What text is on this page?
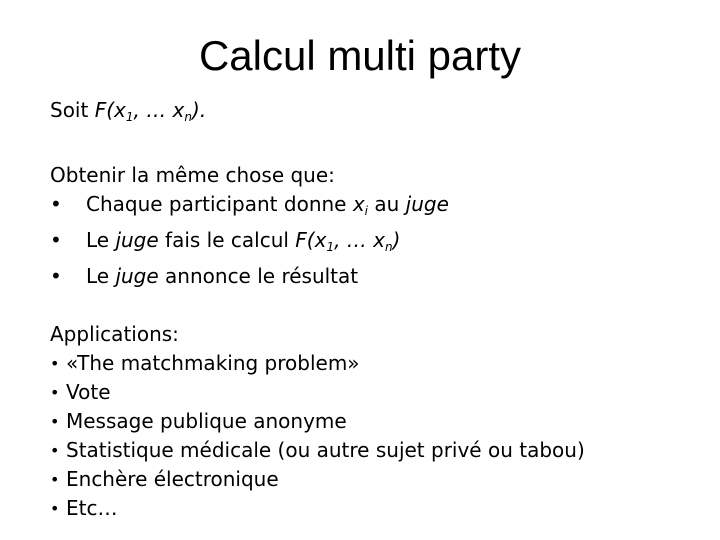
Calcul multi party
Soit $F(x_1$, … $x_n$).
Obtenir la même chose que:
•	Chaque participant donne $x_i$ au juge
•	Le juge fais le calcul $F(x_1$, … $x_n$)
•	Le juge annonce le résultat
Applications:
• «The matchmaking problem»
• Vote
• Message publique anonyme
• Statistique médicale (ou autre sujet privé ou tabou)
• Enchère électronique
• Etc…
